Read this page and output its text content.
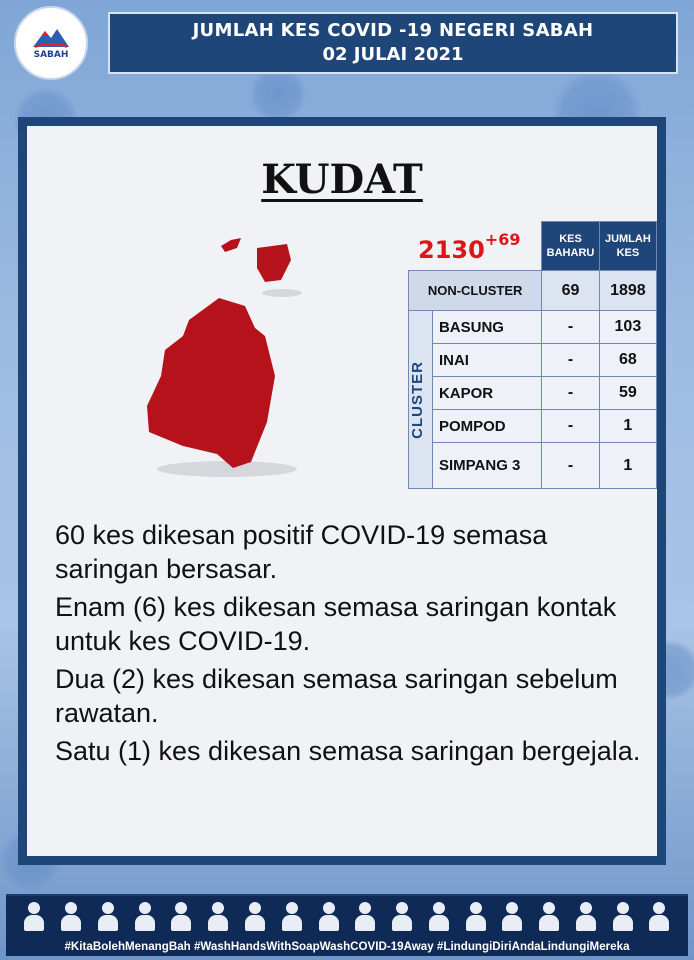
SABAH
JUMLAH KES COVID -19 NEGERI SABAH
02 JULAI 2021
KUDAT
$2130^{+69}$
		KES BAHARU	JUMLAH KES
NON-CLUSTER		69	1898

CLUSTER	BASUNG	-	103
	INAI	-	68
	KAPOR	-	59
	POMPOD	-	1
	SIMPANG 3	-	1

60 kes dikesan positif COVID-19 semasa saringan bersasar.

Enam (6) kes dikesan semasa saringan kontak untuk kes COVID-19.

Dua (2) kes dikesan semasa saringan sebelum rawatan.

Satu (1) kes dikesan semasa saringan bergejala.

#KitaBolehMenangBah #WashHandsWithSoapWashCOVID-19Away #LindungiDiriAndaLindungiMereka
